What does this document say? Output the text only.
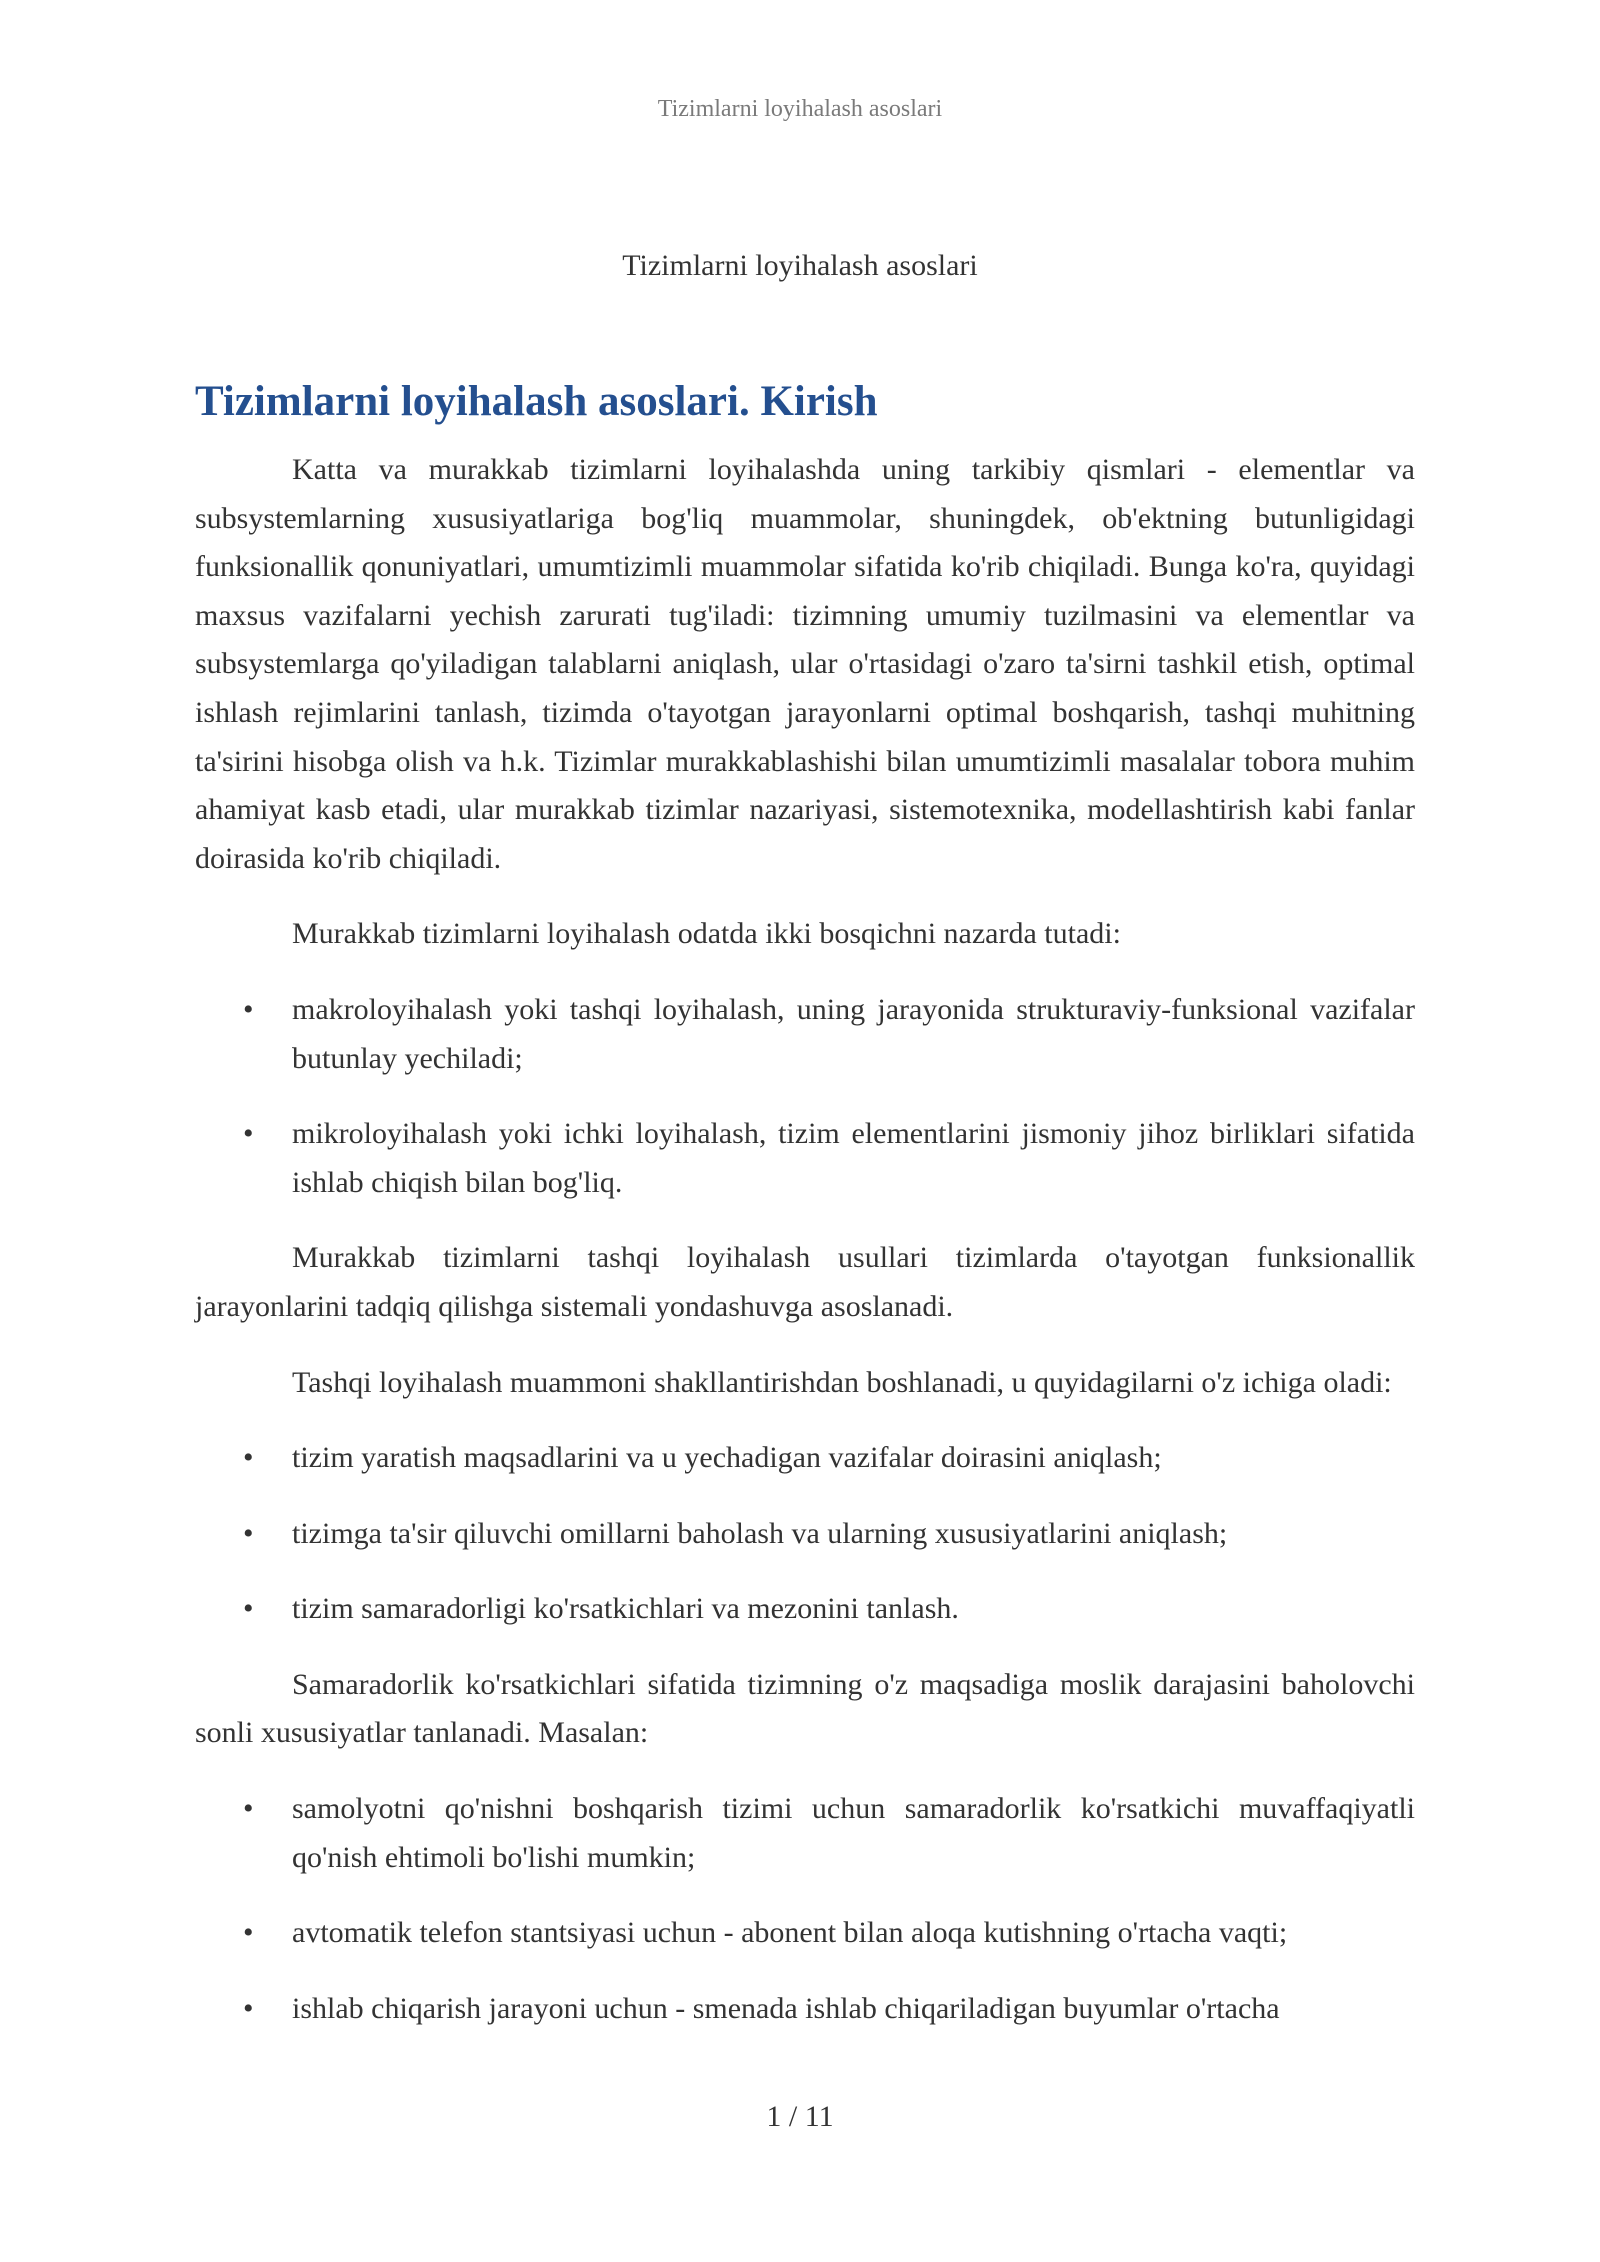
Tizimlarni loyihalash asoslari
Tizimlarni loyihalash asoslari
Tizimlarni loyihalash asoslari. Kirish

Katta va murakkab tizimlarni loyihalashda uning tarkibiy qismlari - elementlar va subsystemlarning xususiyatlariga bog'liq muammolar, shuningdek, ob'ektning butunligidagi funksionallik qonuniyatlari, umumtizimli muammolar sifatida ko'rib chiqiladi. Bunga ko'ra, quyidagi maxsus vazifalarni yechish zarurati tug'iladi: tizimning umumiy tuzilmasini va elementlar va subsystemlarga qo'yiladigan talablarni aniqlash, ular o'rtasidagi o'zaro ta'sirni tashkil etish, optimal ishlash rejimlarini tanlash, tizimda o'tayotgan jarayonlarni optimal boshqarish, tashqi muhitning ta'sirini hisobga olish va h.k. Tizimlar murakkablashishi bilan umumtizimli masalalar tobora muhim ahamiyat kasb etadi, ular murakkab tizimlar nazariyasi, sistemotexnika, modellashtirish kabi fanlar doirasida ko'rib chiqiladi.

Murakkab tizimlarni loyihalash odatda ikki bosqichni nazarda tutadi:

• makroloyihalash yoki tashqi loyihalash, uning jarayonida strukturaviy-funksional vazifalar butunlay yechiladi;
• mikroloyihalash yoki ichki loyihalash, tizim elementlarini jismoniy jihoz birliklari sifatida ishlab chiqish bilan bog'liq.

Murakkab tizimlarni tashqi loyihalash usullari tizimlarda o'tayotgan funksionallik jarayonlarini tadqiq qilishga sistemali yondashuvga asoslanadi.

Tashqi loyihalash muammoni shakllantirishdan boshlanadi, u quyidagilarni o'z ichiga oladi:

• tizim yaratish maqsadlarini va u yechadigan vazifalar doirasini aniqlash;
• tizimga ta'sir qiluvchi omillarni baholash va ularning xususiyatlarini aniqlash;
• tizim samaradorligi ko'rsatkichlari va mezonini tanlash.

Samaradorlik ko'rsatkichlari sifatida tizimning o'z maqsadiga moslik darajasini baholovchi sonli xususiyatlar tanlanadi. Masalan:

• samolyotni qo'nishni boshqarish tizimi uchun samaradorlik ko'rsatkichi muvaffaqiyatli qo'nish ehtimoli bo'lishi mumkin;
• avtomatik telefon stantsiyasi uchun - abonent bilan aloqa kutishning o'rtacha vaqti;
• ishlab chiqarish jarayoni uchun - smenada ishlab chiqariladigan buyumlar o'rtacha
1 / 11
